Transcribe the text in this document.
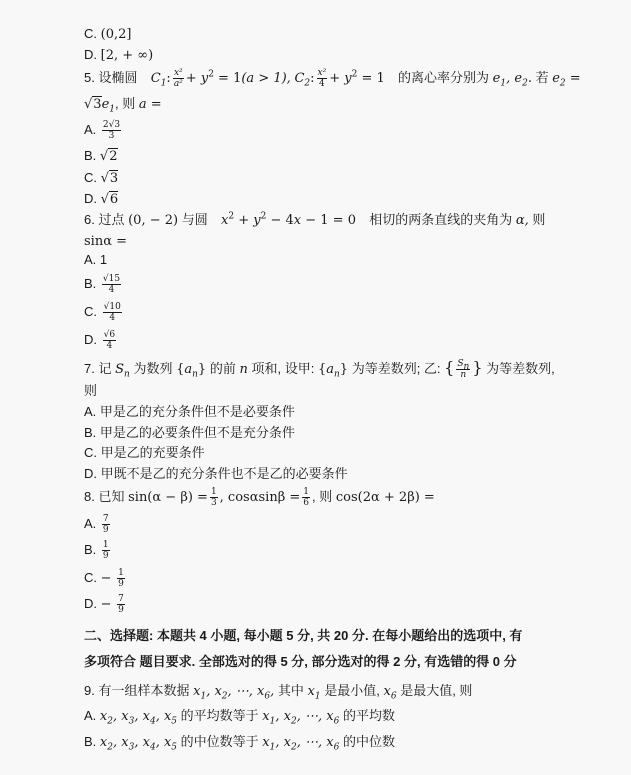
C. (0,2]
D. [2, + ∞)
5. 设椭圆 $C_1$: $\frac{\text{x²}}{\text{a²}} + y^2 = 1(a > 1)$, $C_2$: $\frac{\text{x²}}{4} + y^2 = 1$ 的离心率分别为 $e_1$, $e_2$. 若 $e_2$ =
$√3e_1$, 则 a =
A. $\frac{2√3}{3}$
B. √2
C. √3
D. √6
6. 过点 (0, − 2) 与圆 $x^2 + y^2 - 4x - 1 = 0$ 相切的两条直线的夹角为 α, 则
sinα =
A. 1
B. $\frac{√15}{4}$
C. $\frac{√10}{4}$
D. $\frac{√6}{4}$
7. 记 $S_n$ 为数列 $\{a_n\}$ 的前 n 项和, 设甲: $\{a_n\}$ 为等差数列; 乙: { $\frac{S_n}{n}$ } 为等差数列,
则
A. 甲是乙的充分条件但不是必要条件
B. 甲是乙的必要条件但不是充分条件
C. 甲是乙的充要条件
D. 甲既不是乙的充分条件也不是乙的必要条件
8. 已知 $\sin(\alpha - \beta) = \frac{1}{3}$ , $\cos\alpha\sin\beta = \frac{1}{6}$ , 则 cos(2α + 2β) =
A. $\frac{7}{9}$
B. $\frac{1}{9}$
C. − $\frac{1}{9}$
D. − $\frac{7}{9}$
二、选择题: 本题共 4 小题, 每小题 5 分, 共 20 分. 在每小题给出的选项中, 有
多项符合 题目要求. 全部选对的得 5 分, 部分选对的得 2 分, 有选错的得 0 分
9. 有一组样本数据 $x_1$, $x_2$, ⋯, $x_6$, 其中 $x_1$ 是最小值, $x_6$ 是最大值, 则
A. $x_2$, $x_3$, $x_4$, $x_5$ 的平均数等于 $x_1$, $x_2$, ⋯, $x_6$ 的平均数
B. $x_2$, $x_3$, $x_4$, $x_5$ 的中位数等于 $x_1$, $x_2$, ⋯, $x_6$ 的中位数
